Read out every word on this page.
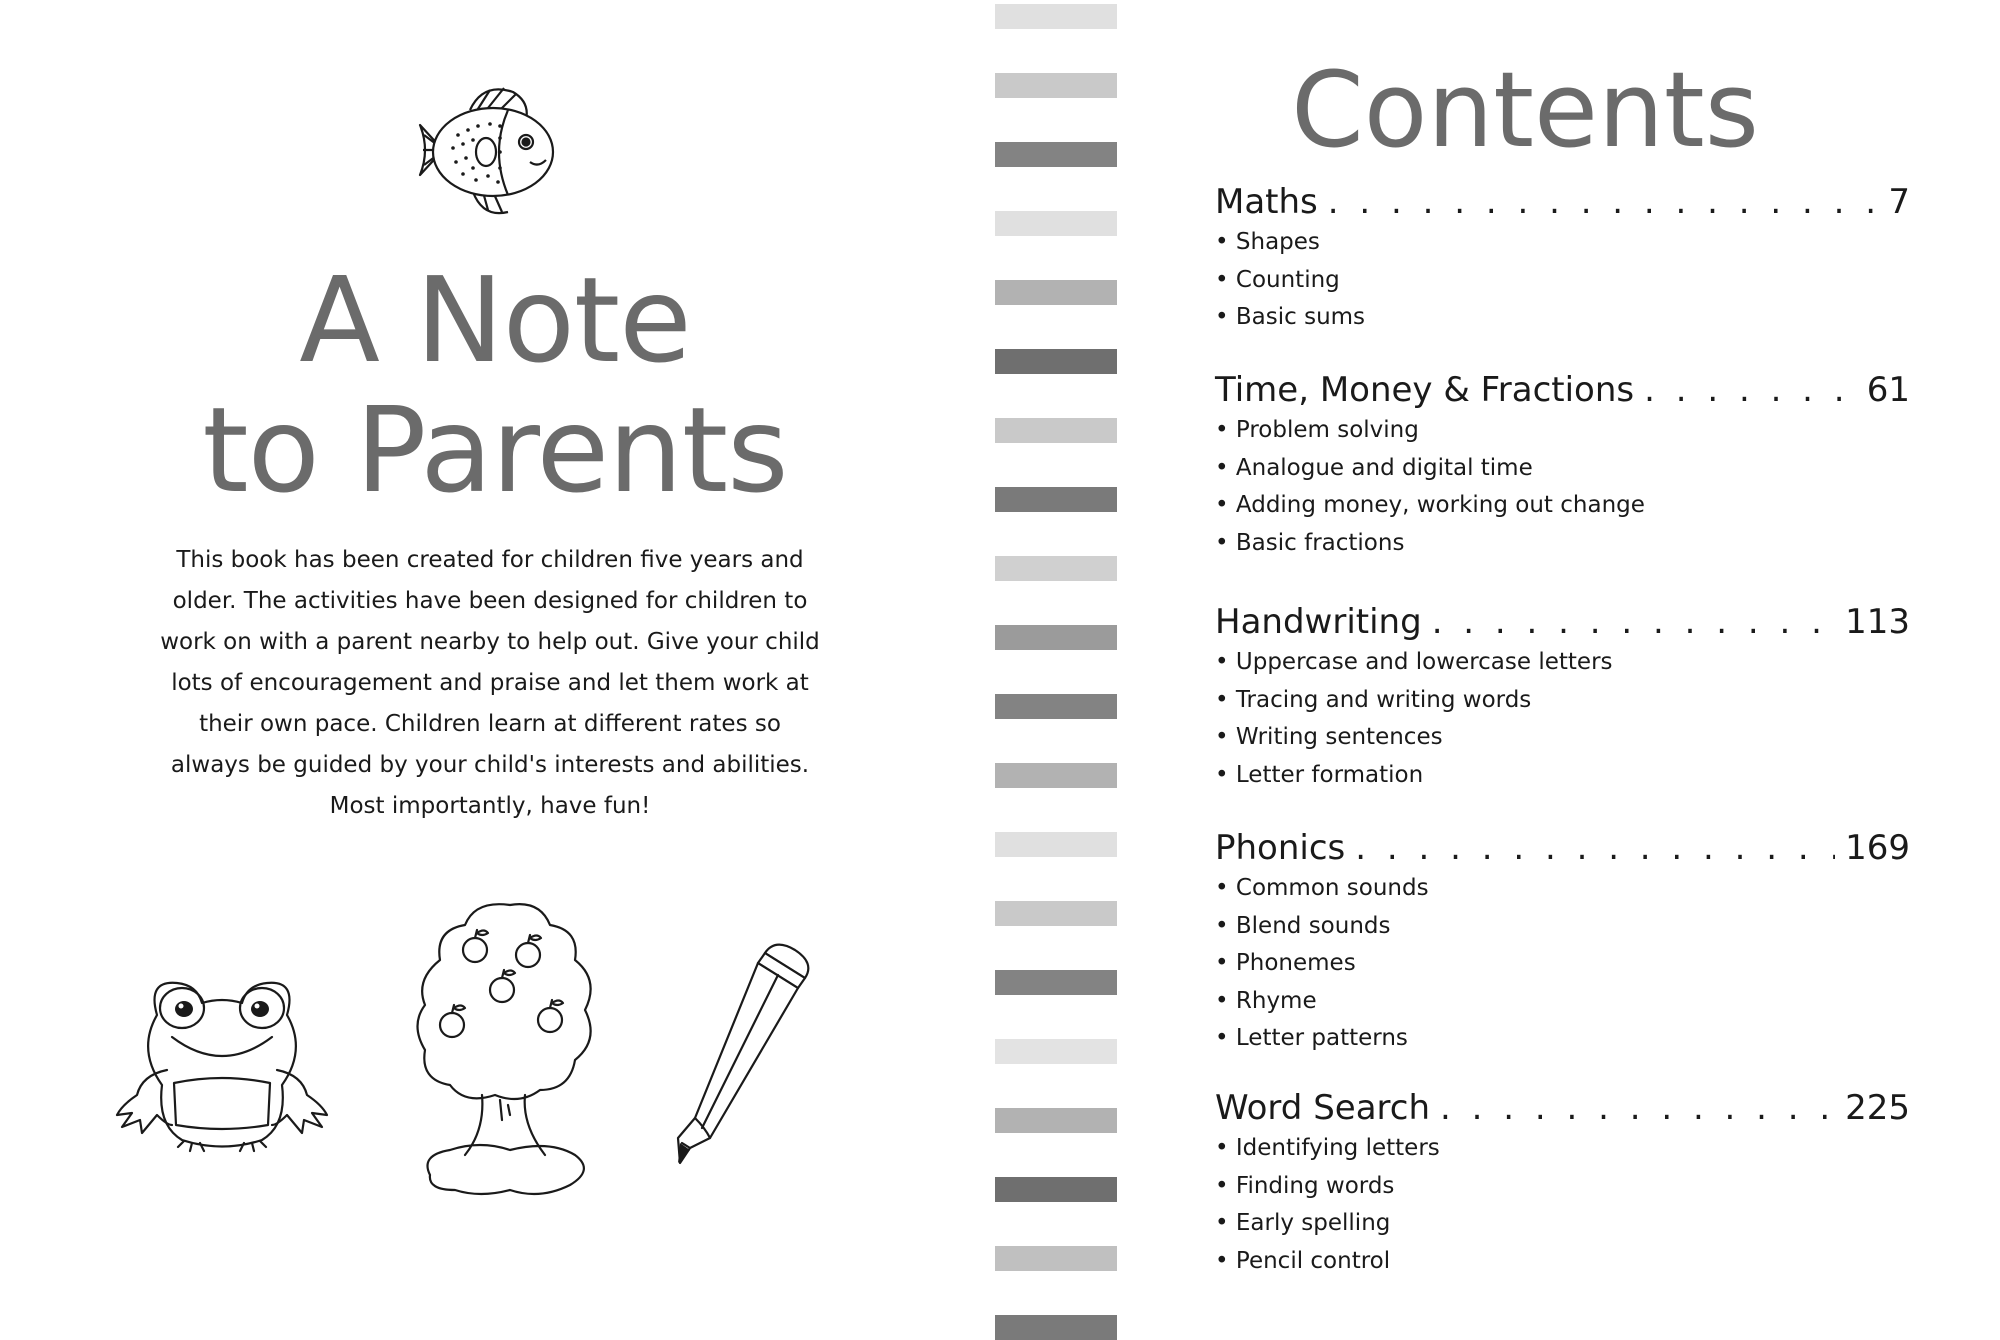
A Note
to Parents
This book has been created for children five years and older. The activities have been designed for children to work on with a parent nearby to help out. Give your child lots of encouragement and praise and let them work at their own pace. Children learn at different rates so always be guided by your child's interests and abilities. Most importantly, have fun!
Contents
Maths . . .	7
• Shapes
• Counting
• Basic sums
Time, Money & Fractions . . .	61
• Problem solving
• Analogue and digital time
• Adding money, working out change
• Basic fractions
Handwriting . . .	113
• Uppercase and lowercase letters
• Tracing and writing words
• Writing sentences
• Letter formation
Phonics . . .	169
• Common sounds
• Blend sounds
• Phonemes
• Rhyme
• Letter patterns
Word Search . . .	225
• Identifying letters
• Finding words
• Early spelling
• Pencil control
